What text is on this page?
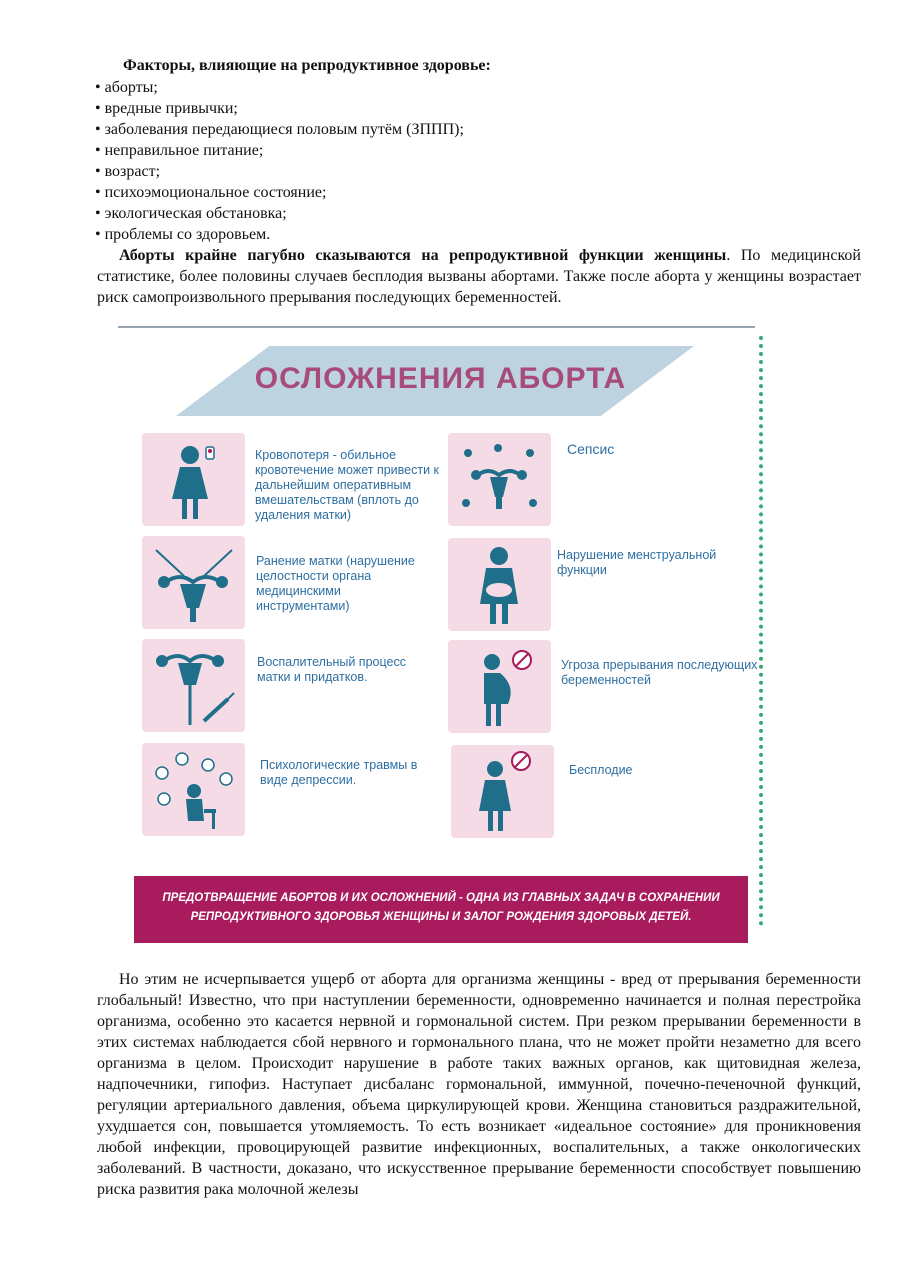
Факторы, влияющие на репродуктивное здоровье:
• аборты;
• вредные привычки;
• заболевания передающиеся половым путём (ЗППП);
• неправильное питание;
• возраст;
• психоэмоциональное состояние;
• экологическая обстановка;
• проблемы со здоровьем.

Аборты крайне пагубно сказываются на репродуктивной функции женщины. По медицинской статистике, более половины случаев бесплодия вызваны абортами. Также после аборта у женщины возрастает риск самопроизвольного прерывания последующих беременностей.

ОСЛОЖНЕНИЯ АБОРТА
Кровопотеря - обильное кровотечение может привести к дальнейшим оперативным вмешательствам (вплоть до удаления матки)
Сепсис
Ранение матки (нарушение целостности органа медицинскими инструментами)
Нарушение менструальной функции
Воспалительный процесс матки и придатков.
Угроза прерывания последующих беременностей
Психологические травмы в виде депрессии.
Бесплодие
ПРЕДОТВРАЩЕНИЕ АБОРТОВ И ИХ ОСЛОЖНЕНИЙ - ОДНА ИЗ ГЛАВНЫХ ЗАДАЧ В СОХРАНЕНИИ
РЕПРОДУКТИВНОГО ЗДОРОВЬЯ ЖЕНЩИНЫ И ЗАЛОГ РОЖДЕНИЯ ЗДОРОВЫХ ДЕТЕЙ.

Но этим не исчерпывается ущерб от аборта для организма женщины - вред от прерывания беременности глобальный! Известно, что при наступлении беременности, одновременно начинается и полная перестройка организма, особенно это касается нервной и гормональной систем. При резком прерывании беременности в этих системах наблюдается сбой нервного и гормонального плана, что не может пройти незаметно для всего организма в целом. Происходит нарушение в работе таких важных органов, как щитовидная железа, надпочечники, гипофиз. Наступает дисбаланс гормональной, иммунной, почечно-печеночной функций, регуляции артериального давления, объема циркулирующей крови. Женщина становиться раздражительной, ухудшается сон, повышается утомляемость. То есть возникает «идеальное состояние» для проникновения любой инфекции, провоцирующей развитие инфекционных, воспалительных, а также онкологических заболеваний. В частности, доказано, что искусственное прерывание беременности способствует повышению риска развития рака молочной железы
